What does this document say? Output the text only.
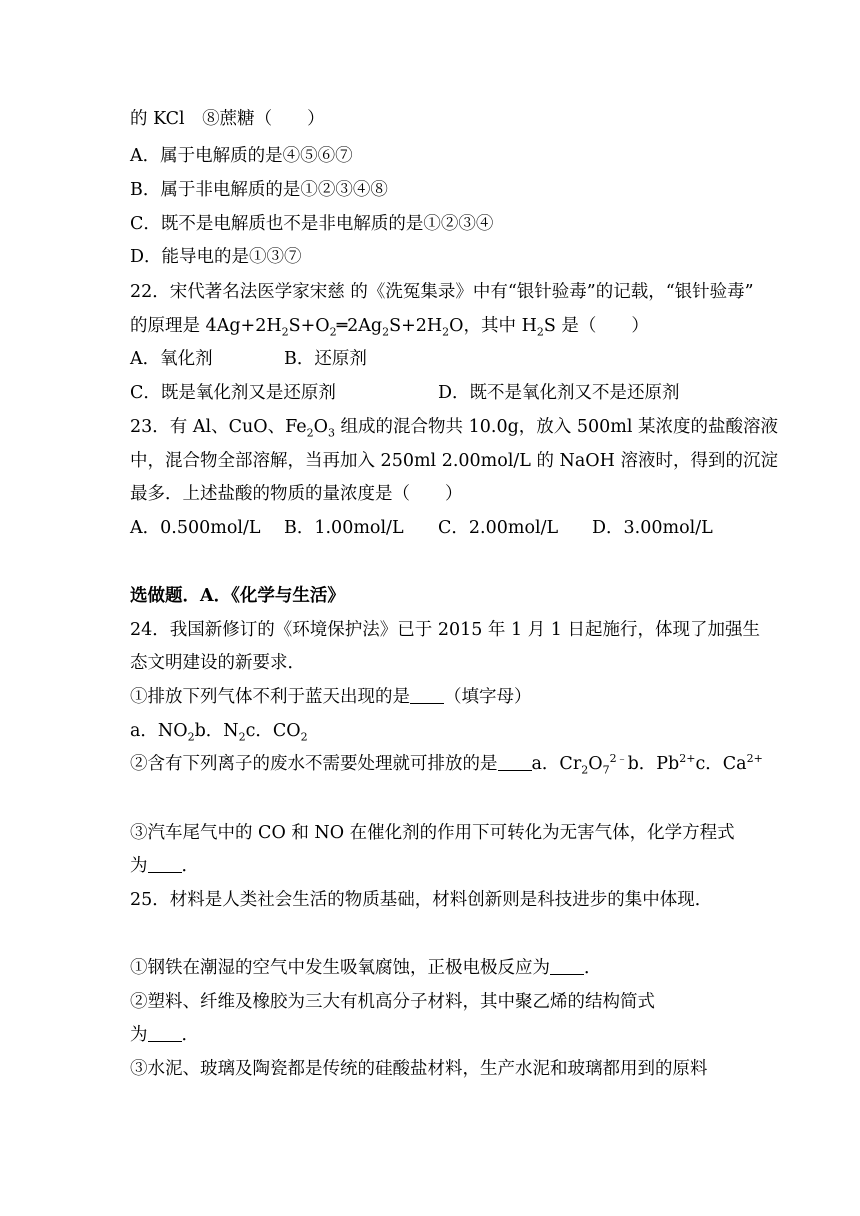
的 KCl　⑧蔗糖（　　）
A．属于电解质的是④⑤⑥⑦
B．属于非电解质的是①②③④⑧
C．既不是电解质也不是非电解质的是①②③④
D．能导电的是①③⑦
22．宋代著名法医学家宋慈 的《洗冤集录》中有“银针验毒”的记载，“银针验毒”
的原理是 $4Ag+2H_2S+O_2═2Ag_2S+2H_2O$，其中 $H_2S$ 是（　　）
A．氧化剂	B．还原剂
C．既是氧化剂又是还原剂	D．既不是氧化剂又不是还原剂
23．有 Al、CuO、$Fe_2O_3$ 组成的混合物共 10.0g，放入 500ml 某浓度的盐酸溶液
中，混合物全部溶解，当再加入 250ml 2.00mol/L 的 NaOH 溶液时，得到的沉淀
最多．上述盐酸的物质的量浓度是（　　）
A．0.500mol/L B．1.00mol/L C．2.00mol/L D．3.00mol/L
选做题．A．《化学与生活》
24．我国新修订的《环境保护法》已于 2015 年 1 月 1 日起施行，体现了加强生
态文明建设的新要求．
①排放下列气体不利于蓝天出现的是 （填字母）
a．$NO_2b$．$N_2c$．$CO_2$
②含有下列离子的废水不需要处理就可排放的是 a．$Cr_2O_7^{2﹣}b$．$Pb^{2+}c$．$Ca^{2+}$
③汽车尾气中的 CO 和 NO 在催化剂的作用下可转化为无害气体，化学方程式
为 ．
25．材料是人类社会生活的物质基础，材料创新则是科技进步的集中体现．
①钢铁在潮湿的空气中发生吸氧腐蚀，正极电极反应为 ．
②塑料、纤维及橡胶为三大有机高分子材料，其中聚乙烯的结构简式
为 ．
③水泥、玻璃及陶瓷都是传统的硅酸盐材料，生产水泥和玻璃都用到的原料
